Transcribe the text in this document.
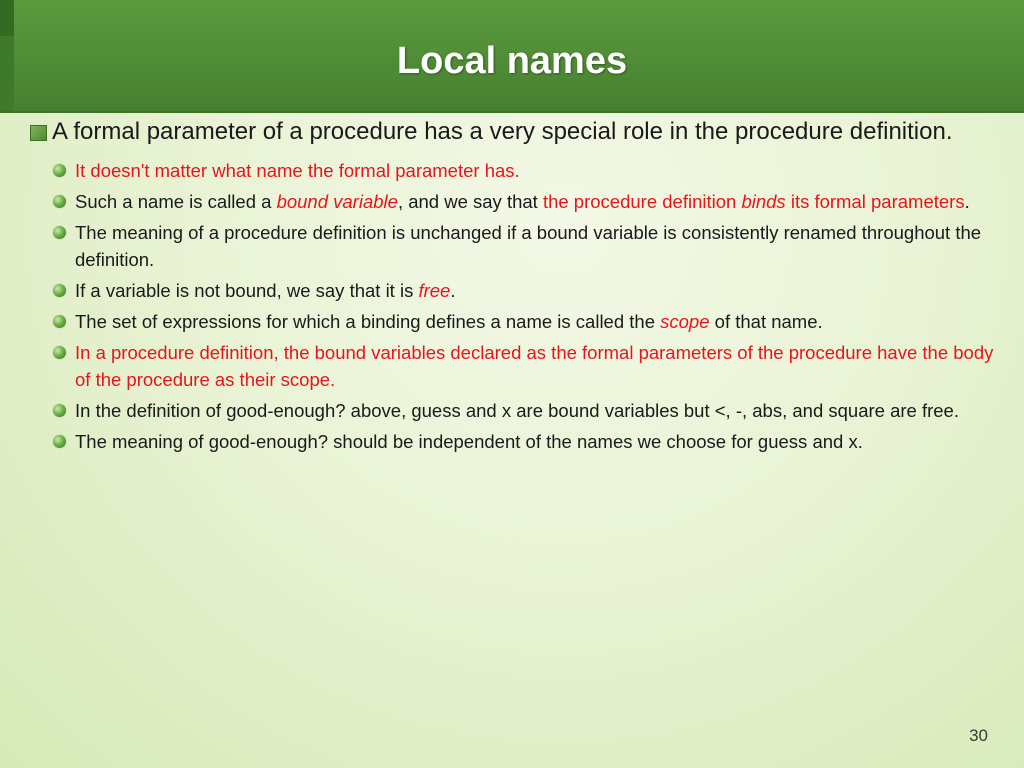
Local names
A formal parameter of a procedure has a very special role in the procedure definition.
It doesn't matter what name the formal parameter has.
Such a name is called a bound variable, and we say that the procedure definition binds its formal parameters.
The meaning of a procedure definition is unchanged if a bound variable is consistently renamed throughout the definition.
If a variable is not bound, we say that it is free.
The set of expressions for which a binding defines a name is called the scope of that name.
In a procedure definition, the bound variables declared as the formal parameters of the procedure have the body of the procedure as their scope.
In the definition of good-enough? above, guess and x are bound variables but <, -, abs, and square are free.
The meaning of good-enough? should be independent of the names we choose for guess and x.
30
